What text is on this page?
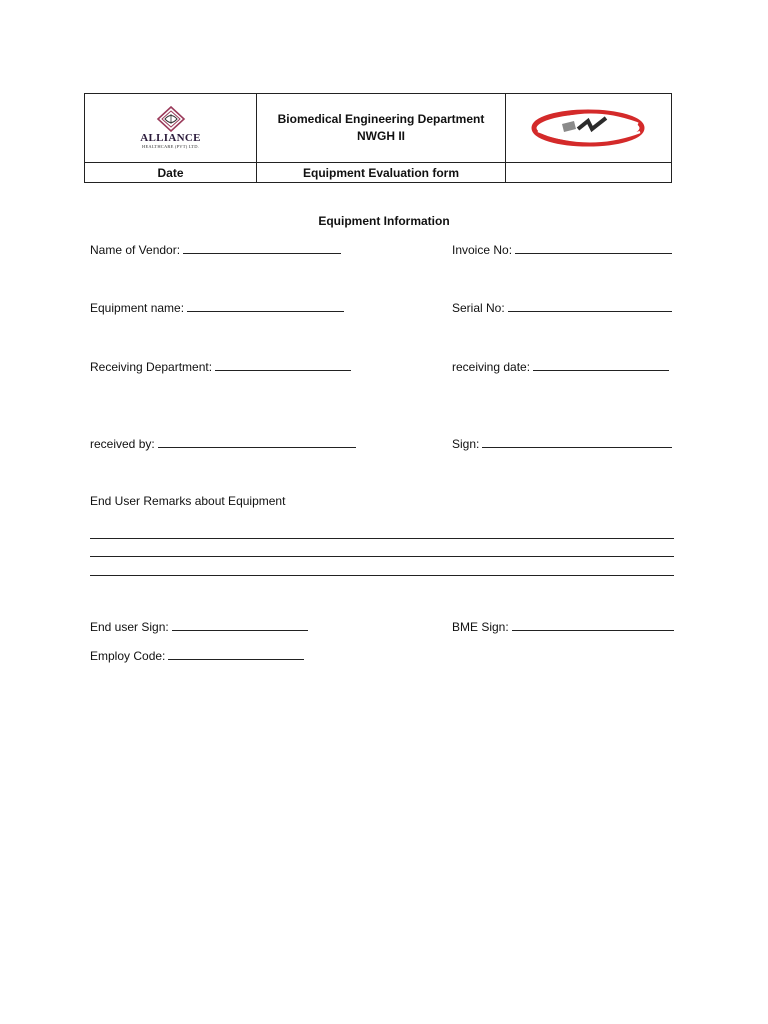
ALLIANCE
HEALTHCARE (PVT) LTD.
Biomedical Engineering Department
NWGH II
Date	Equipment Evaluation form
Equipment Information
Name of Vendor:	Invoice No:
Equipment name:	Serial No:
Receiving Department:	receiving date:
received by:	Sign:
End User Remarks about Equipment
End user Sign:	BME Sign:
Employ Code:
